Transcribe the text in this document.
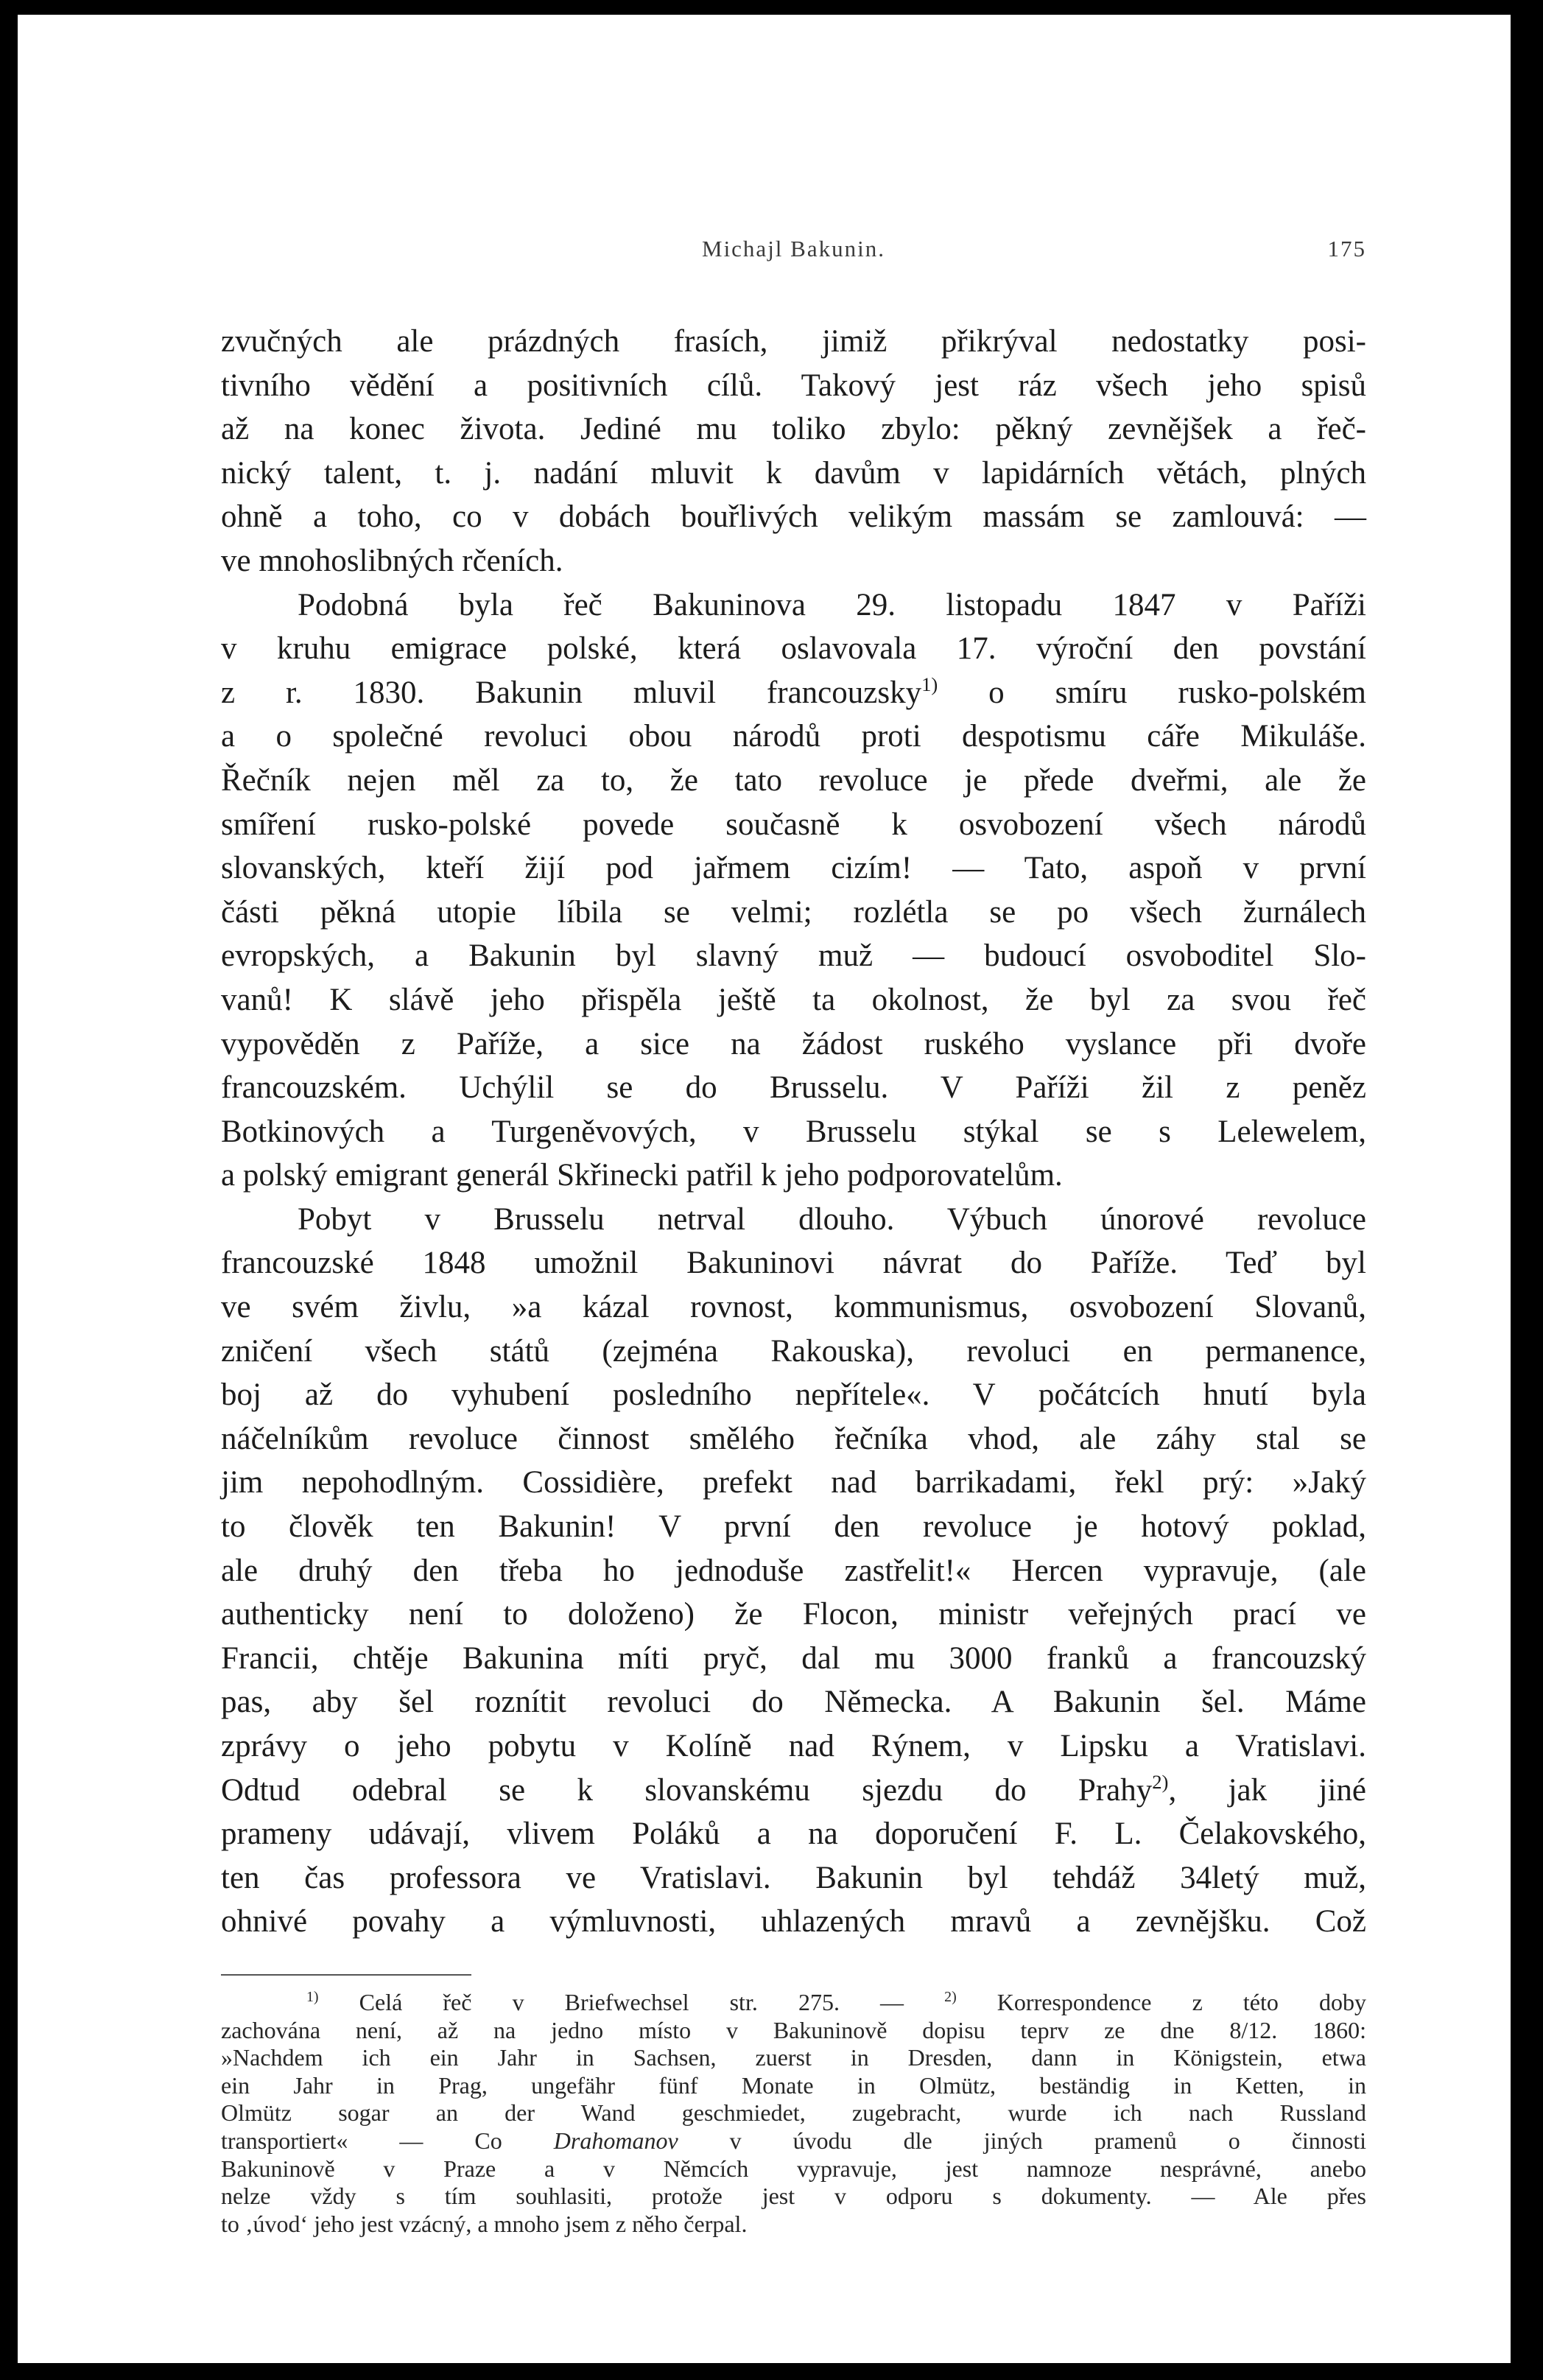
Michajl Bakunin.	175

zvučných ale prázdných frasích, jimiž přikrýval nedostatky posi-

tivního vědění a positivních cílů. Takový jest ráz všech jeho spisů

až na konec života. Jediné mu toliko zbylo: pěkný zevnějšek a řeč-

nický talent, t. j. nadání mluvit k davům v lapidárních větách, plných

ohně a toho, co v dobách bouřlivých velikým massám se zamlouvá: —

ve mnohoslibných rčeních.

Podobná byla řeč Bakuninova 29. listopadu 1847 v Paříži

v kruhu emigrace polské, která oslavovala 17. výroční den povstání

z r. 1830. Bakunin mluvil francouzsky$^{1)}$ o smíru rusko-polském

a o společné revoluci obou národů proti despotismu cáře Mikuláše.

Řečník nejen měl za to, že tato revoluce je přede dveřmi, ale že

smíření rusko-polské povede současně k osvobození všech národů

slovanských, kteří žijí pod jařmem cizím! — Tato, aspoň v první

části pěkná utopie líbila se velmi; rozlétla se po všech žurnálech

evropských, a Bakunin byl slavný muž — budoucí osvoboditel Slo-

vanů! K slávě jeho přispěla ještě ta okolnost, že byl za svou řeč

vypověděn z Paříže, a sice na žádost ruského vyslance při dvoře

francouzském. Uchýlil se do Brusselu. V Paříži žil z peněz

Botkinových a Turgeněvových, v Brusselu stýkal se s Lelewelem,

a polský emigrant generál Skřinecki patřil k jeho podporovatelům.

Pobyt v Brusselu netrval dlouho. Výbuch únorové revoluce

francouzské 1848 umožnil Bakuninovi návrat do Paříže. Teď byl

ve svém živlu, »a kázal rovnost, kommunismus, osvobození Slovanů,

zničení všech států (zejména Rakouska), revoluci en permanence,

boj až do vyhubení posledního nepřítele«. V počátcích hnutí byla

náčelníkům revoluce činnost smělého řečníka vhod, ale záhy stal se

jim nepohodlným. Cossidière, prefekt nad barrikadami, řekl prý: »Jaký

to člověk ten Bakunin! V první den revoluce je hotový poklad,

ale druhý den třeba ho jednoduše zastřelit!« Hercen vypravuje, (ale

authenticky není to doloženo) že Flocon, ministr veřejných prací ve

Francii, chtěje Bakunina míti pryč, dal mu 3000 franků a francouzský

pas, aby šel roznítit revoluci do Německa. A Bakunin šel. Máme

zprávy o jeho pobytu v Kolíně nad Rýnem, v Lipsku a Vratislavi.

Odtud odebral se k slovanskému sjezdu do Prahy$^{2)}$, jak jiné

prameny udávají, vlivem Poláků a na doporučení F. L. Čelakovského,

ten čas professora ve Vratislavi. Bakunin byl tehdáž 34letý muž,

ohnivé povahy a výmluvnosti, uhlazených mravů a zevnějšku. Což

$^{1)}$ Celá řeč v Briefwechsel str. 275. —	$^{2)}$ Korrespondence z této doby

zachována není, až na jedno místo v Bakuninově dopisu teprv ze dne 8/12. 1860:

»Nachdem ich ein Jahr in Sachsen, zuerst in Dresden, dann in Königstein, etwa

ein Jahr in Prag, ungefähr fünf Monate in Olmütz, beständig in Ketten, in

Olmütz sogar an der Wand geschmiedet, zugebracht, wurde ich nach Russland

transportiert« — Co Drahomanov v úvodu dle jiných pramenů o činnosti

Bakuninově v Praze a v Němcích vypravuje, jest namnoze nesprávné, anebo

nelze vždy s tím souhlasiti, protože jest v odporu s dokumenty. — Ale přes

to ‚úvod‘ jeho jest vzácný, a mnoho jsem z něho čerpal.
